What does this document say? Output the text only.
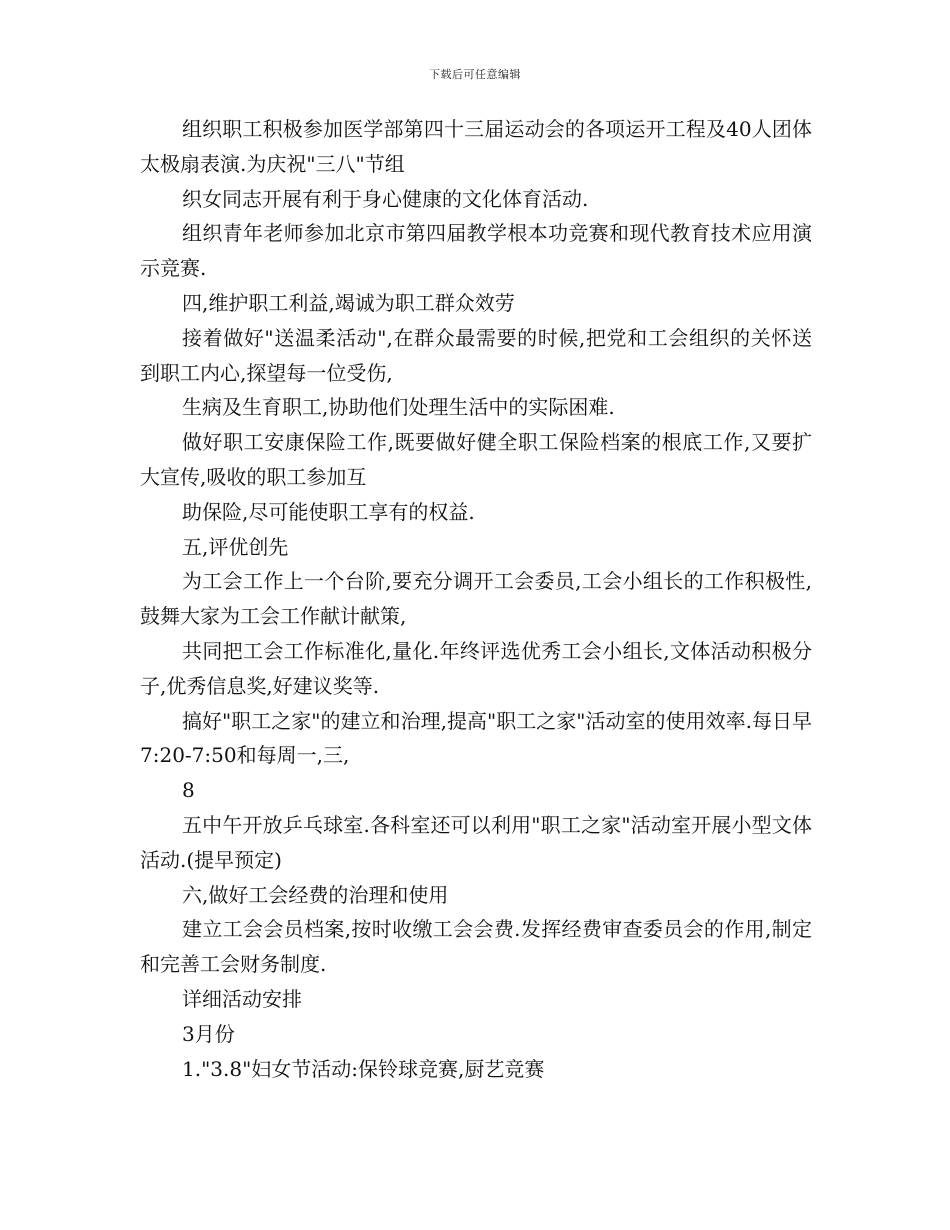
下载后可任意编辑

组织职工积极参加医学部第四十三届运动会的各项运开工程及40人团体太极扇表演.为庆祝"三八"节组

织女同志开展有利于身心健康的文化体育活动.

组织青年老师参加北京市第四届教学根本功竞赛和现代教育技术应用演示竞赛.

四,维护职工利益,竭诚为职工群众效劳

接着做好"送温柔活动",在群众最需要的时候,把党和工会组织的关怀送到职工内心,探望每一位受伤,

生病及生育职工,协助他们处理生活中的实际困难.

做好职工安康保险工作,既要做好健全职工保险档案的根底工作,又要扩大宣传,吸收的职工参加互

助保险,尽可能使职工享有的权益.

五,评优创先

为工会工作上一个台阶,要充分调开工会委员,工会小组长的工作积极性,鼓舞大家为工会工作献计献策,

共同把工会工作标准化,量化.年终评选优秀工会小组长,文体活动积极分子,优秀信息奖,好建议奖等.

搞好"职工之家"的建立和治理,提高"职工之家"活动室的使用效率.每日早7:20-7:50和每周一,三,

8

五中午开放乒乓球室.各科室还可以利用"职工之家"活动室开展小型文体活动.(提早预定)

六,做好工会经费的治理和使用

建立工会会员档案,按时收缴工会会费.发挥经费审查委员会的作用,制定和完善工会财务制度.

详细活动安排

3月份

1."3.8"妇女节活动:保铃球竞赛,厨艺竞赛
